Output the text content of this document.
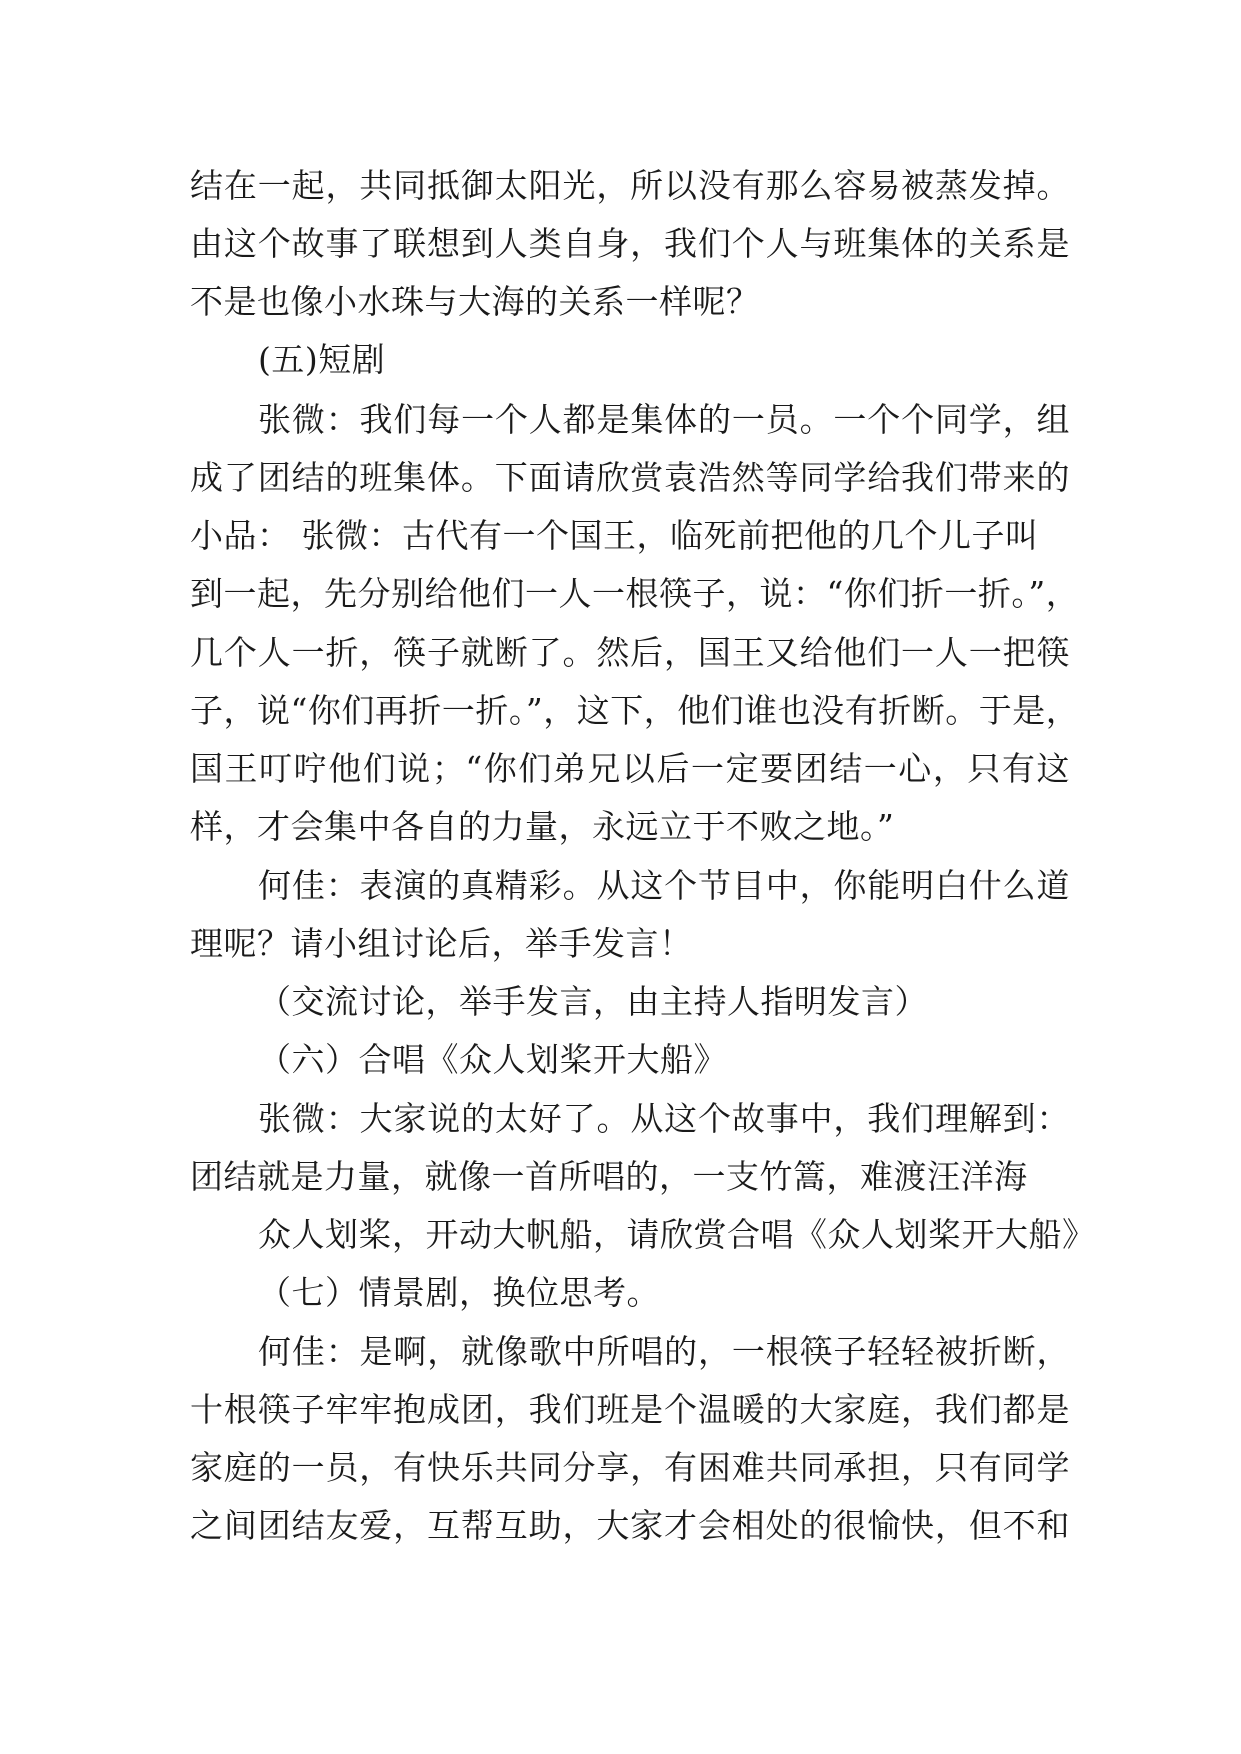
结在一起，共同抵御太阳光，所以没有那么容易被蒸发掉。
由这个故事了联想到人类自身，我们个人与班集体的关系是
不是也像小水珠与大海的关系一样呢？
(五)短剧
张微：我们每一个人都是集体的一员。一个个同学，组
成了团结的班集体。下面请欣赏袁浩然等同学给我们带来的
小品： 张微：古代有一个国王，临死前把他的几个儿子叫
到一起，先分别给他们一人一根筷子，说：“你们折一折。”，
几个人一折，筷子就断了。然后，国王又给他们一人一把筷
子，说“你们再折一折。”，这下，他们谁也没有折断。于是，
国王叮咛他们说；“你们弟兄以后一定要团结一心，只有这
样，才会集中各自的力量，永远立于不败之地。”
何佳：表演的真精彩。从这个节目中，你能明白什么道
理呢？请小组讨论后，举手发言！
（交流讨论，举手发言，由主持人指明发言）
（六）合唱《众人划桨开大船》
张微：大家说的太好了。从这个故事中，我们理解到：
团结就是力量，就像一首所唱的，一支竹篙，难渡汪洋海
众人划桨，开动大帆船，请欣赏合唱《众人划桨开大船》
（七）情景剧，换位思考。
何佳：是啊，就像歌中所唱的，一根筷子轻轻被折断，
十根筷子牢牢抱成团，我们班是个温暖的大家庭，我们都是
家庭的一员，有快乐共同分享，有困难共同承担，只有同学
之间团结友爱，互帮互助，大家才会相处的很愉快，但不和
